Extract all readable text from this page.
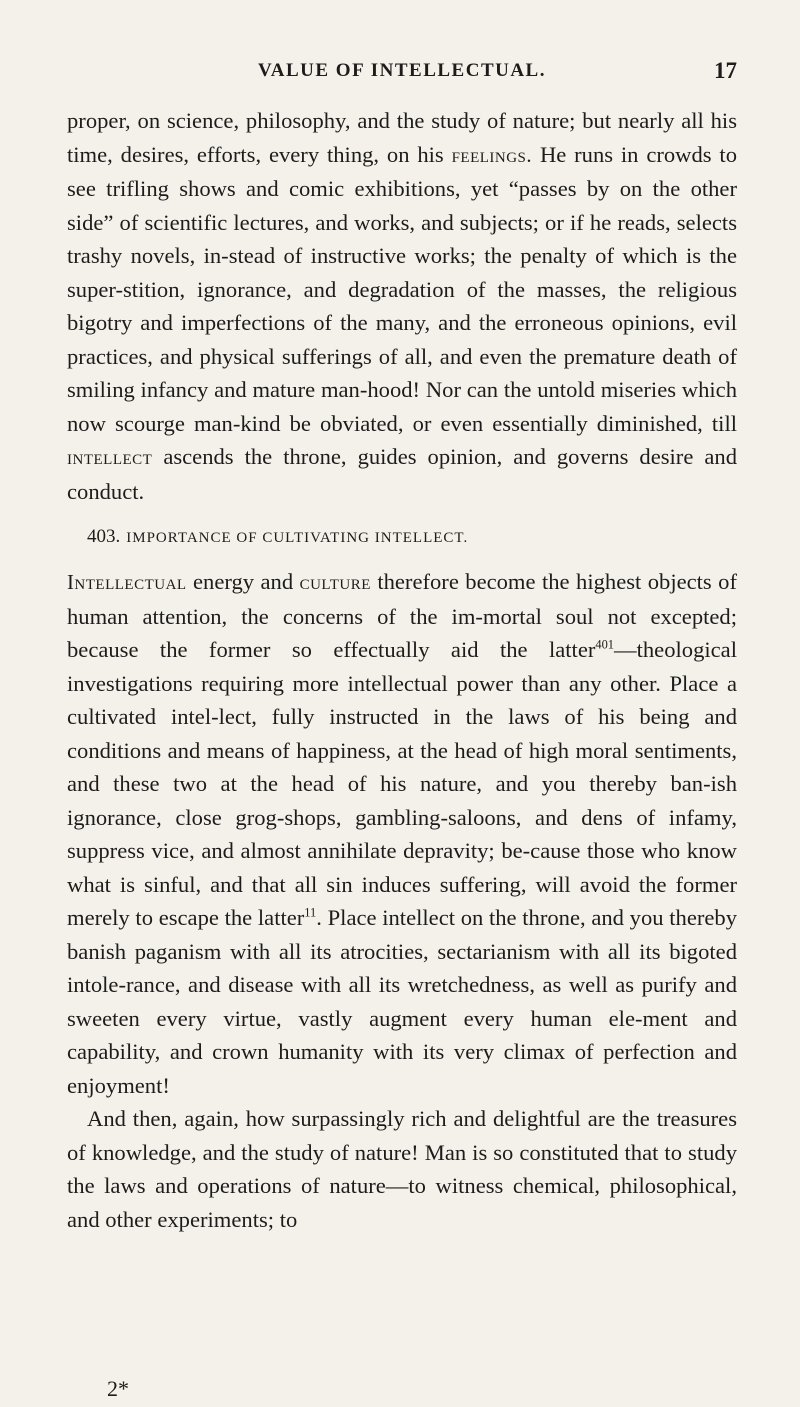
VALUE OF INTELLECTUAL.	17

proper, on science, philosophy, and the study of nature; but nearly all his time, desires, efforts, every thing, on his feelings. He runs in crowds to see trifling shows and comic exhibitions, yet “passes by on the other side” of scientific lectures, and works, and subjects; or if he reads, selects trashy novels, in-stead of instructive works; the penalty of which is the super-stition, ignorance, and degradation of the masses, the religious bigotry and imperfections of the many, and the erroneous opinions, evil practices, and physical sufferings of all, and even the premature death of smiling infancy and mature man-hood! Nor can the untold miseries which now scourge man-kind be obviated, or even essentially diminished, till intellect ascends the throne, guides opinion, and governs desire and conduct.

403. IMPORTANCE OF CULTIVATING INTELLECT.

Intellectual energy and culture therefore become the highest objects of human attention, the concerns of the im-mortal soul not excepted; because the former so effectually aid the latter$^{401}$—theological investigations requiring more intellectual power than any other. Place a cultivated intel-lect, fully instructed in the laws of his being and conditions and means of happiness, at the head of high moral sentiments, and these two at the head of his nature, and you thereby ban-ish ignorance, close grog-shops, gambling-saloons, and dens of infamy, suppress vice, and almost annihilate depravity; be-cause those who know what is sinful, and that all sin induces suffering, will avoid the former merely to escape the latter$^{11}$. Place intellect on the throne, and you thereby banish paganism with all its atrocities, sectarianism with all its bigoted intole-rance, and disease with all its wretchedness, as well as purify and sweeten every virtue, vastly augment every human ele-ment and capability, and crown humanity with its very climax of perfection and enjoyment!

And then, again, how surpassingly rich and delightful are the treasures of knowledge, and the study of nature! Man is so constituted that to study the laws and operations of nature—to witness chemical, philosophical, and other experiments; to

2*
